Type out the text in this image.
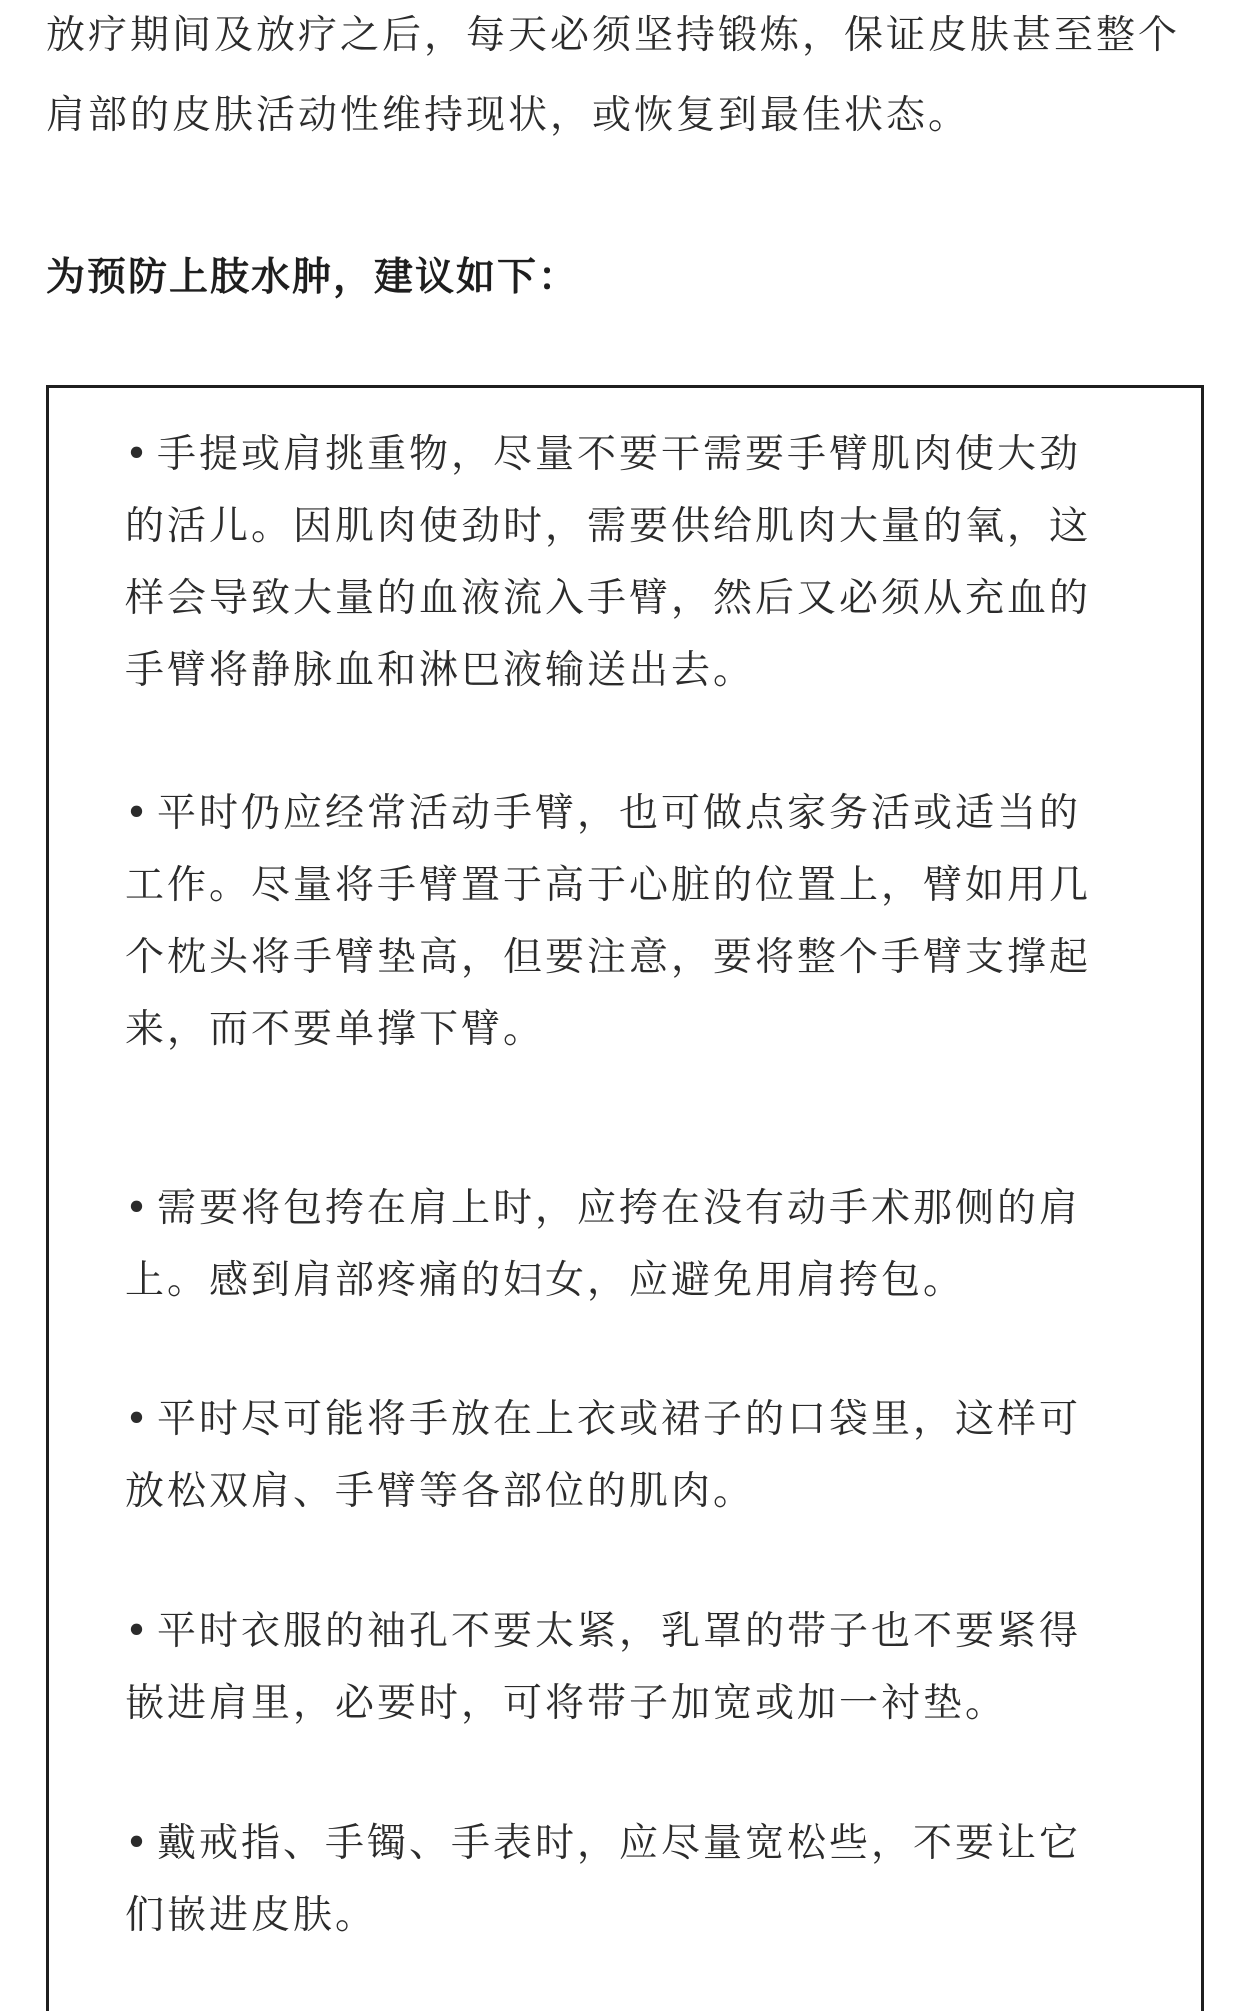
放疗期间及放疗之后，每天必须坚持锻炼，保证皮肤甚至整个
肩部的皮肤活动性维持现状，或恢复到最佳状态。
为预防上肢水肿，建议如下：
• 手提或肩挑重物，尽量不要干需要手臂肌肉使大劲
的活儿。因肌肉使劲时，需要供给肌肉大量的氧，这
样会导致大量的血液流入手臂，然后又必须从充血的
手臂将静脉血和淋巴液输送出去。
• 平时仍应经常活动手臂，也可做点家务活或适当的
工作。尽量将手臂置于高于心脏的位置上，臂如用几
个枕头将手臂垫高，但要注意，要将整个手臂支撑起
来，而不要单撑下臂。
• 需要将包挎在肩上时，应挎在没有动手术那侧的肩
上。感到肩部疼痛的妇女，应避免用肩挎包。
• 平时尽可能将手放在上衣或裙子的口袋里，这样可
放松双肩、手臂等各部位的肌肉。
• 平时衣服的袖孔不要太紧，乳罩的带子也不要紧得
嵌进肩里，必要时，可将带子加宽或加一衬垫。
• 戴戒指、手镯、手表时，应尽量宽松些，不要让它
们嵌进皮肤。
